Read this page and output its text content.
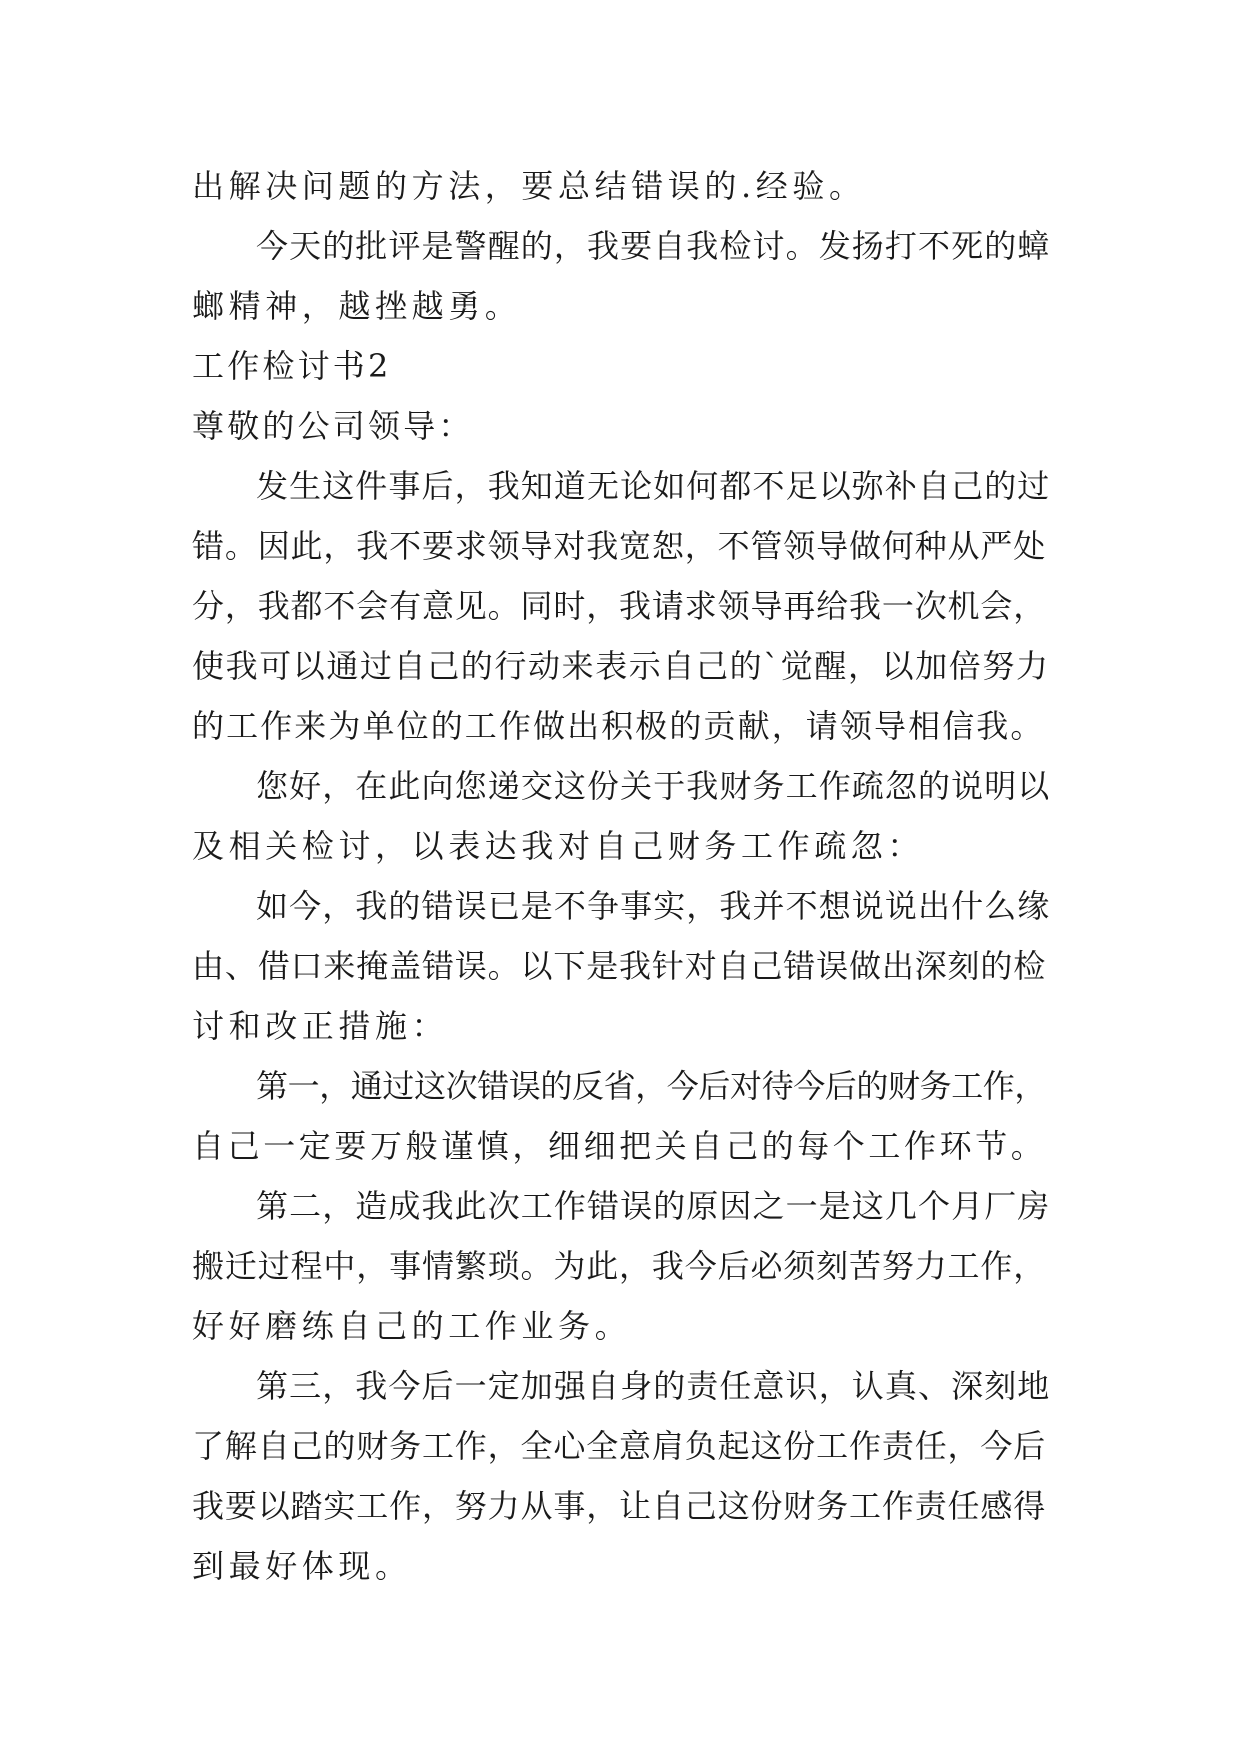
出解决问题的方法，要总结错误的.经验。
今天的批评是警醒的，我要自我检讨。发扬打不死的蟑
螂精神，越挫越勇。
工作检讨书2
尊敬的公司领导：
发生这件事后，我知道无论如何都不足以弥补自己的过
错。因此，我不要求领导对我宽恕，不管领导做何种从严处
分，我都不会有意见。同时，我请求领导再给我一次机会，
使我可以通过自己的行动来表示自己的`觉醒，以加倍努力
的工作来为单位的工作做出积极的贡献，请领导相信我。
您好，在此向您递交这份关于我财务工作疏忽的说明以
及相关检讨，以表达我对自己财务工作疏忽：
如今，我的错误已是不争事实，我并不想说说出什么缘
由、借口来掩盖错误。以下是我针对自己错误做出深刻的检
讨和改正措施：
第一，通过这次错误的反省，今后对待今后的财务工作，
自己一定要万般谨慎，细细把关自己的每个工作环节。
第二，造成我此次工作错误的原因之一是这几个月厂房
搬迁过程中，事情繁琐。为此，我今后必须刻苦努力工作，
好好磨练自己的工作业务。
第三，我今后一定加强自身的责任意识，认真、深刻地
了解自己的财务工作，全心全意肩负起这份工作责任，今后
我要以踏实工作，努力从事，让自己这份财务工作责任感得
到最好体现。
